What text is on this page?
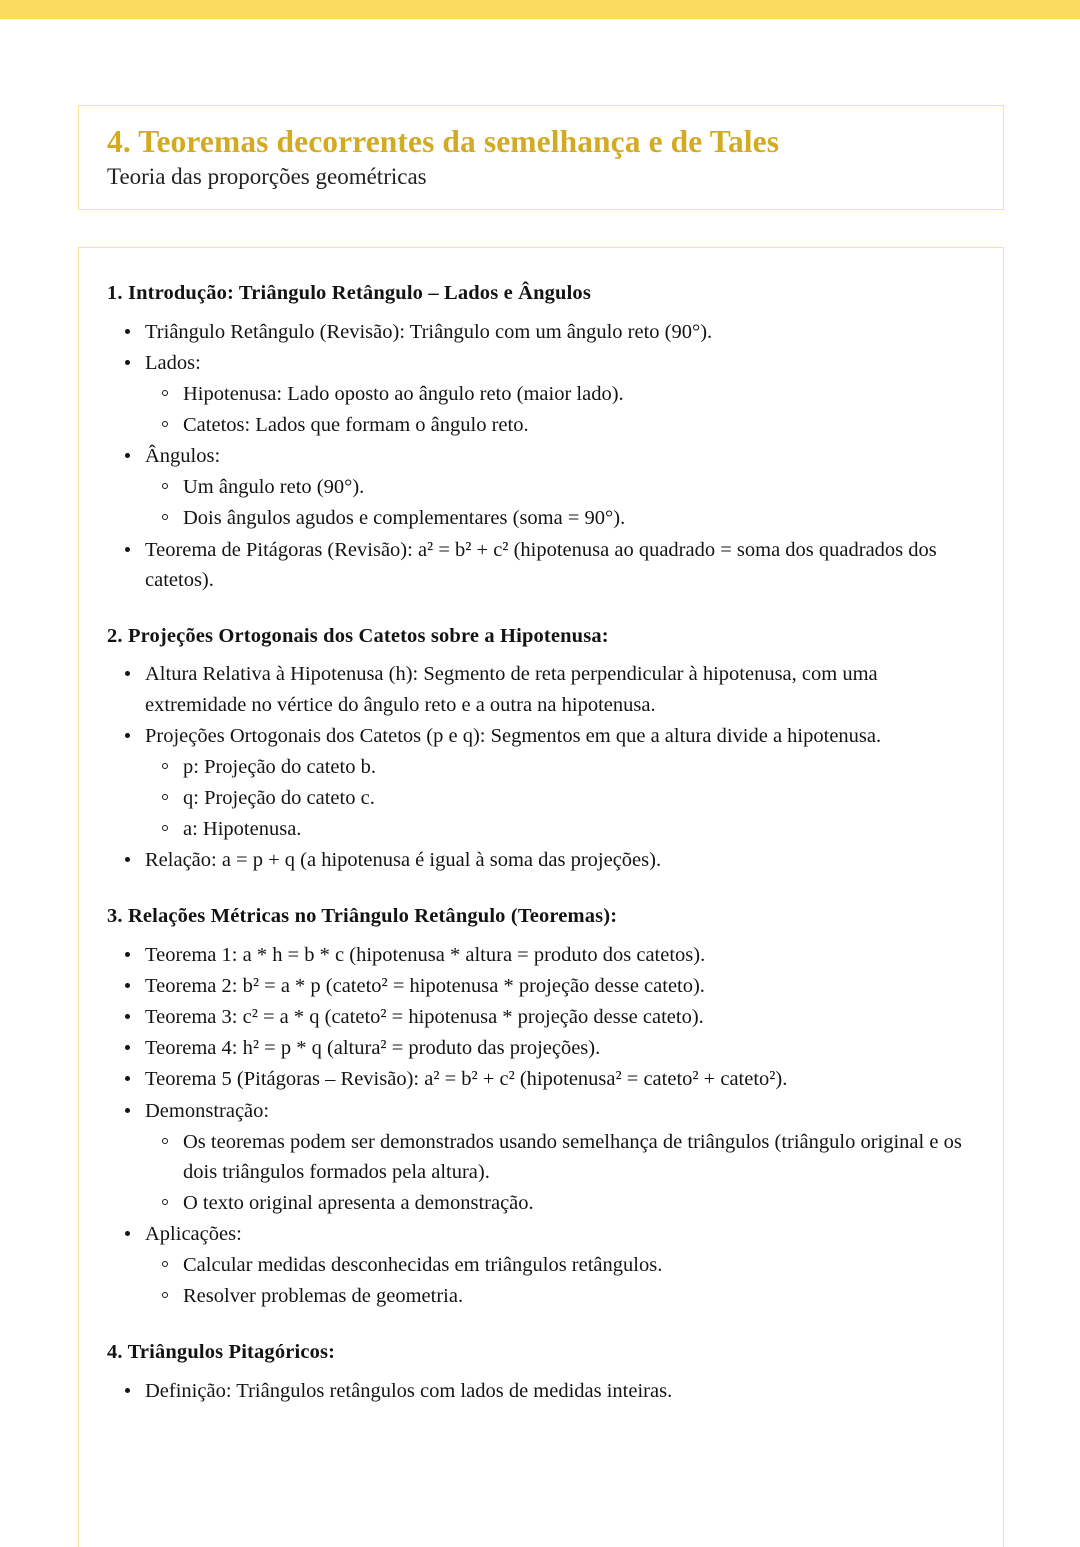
4. Teoremas decorrentes da semelhança e de Tales
Teoria das proporções geométricas
1. Introdução: Triângulo Retângulo – Lados e Ângulos
Triângulo Retângulo (Revisão): Triângulo com um ângulo reto (90°).
Lados:
Hipotenusa: Lado oposto ao ângulo reto (maior lado).
Catetos: Lados que formam o ângulo reto.
Ângulos:
Um ângulo reto (90°).
Dois ângulos agudos e complementares (soma = 90°).
Teorema de Pitágoras (Revisão): a² = b² + c² (hipotenusa ao quadrado = soma dos quadrados dos catetos).
2. Projeções Ortogonais dos Catetos sobre a Hipotenusa:
Altura Relativa à Hipotenusa (h): Segmento de reta perpendicular à hipotenusa, com uma extremidade no vértice do ângulo reto e a outra na hipotenusa.
Projeções Ortogonais dos Catetos (p e q): Segmentos em que a altura divide a hipotenusa.
p: Projeção do cateto b.
q: Projeção do cateto c.
a: Hipotenusa.
Relação: a = p + q (a hipotenusa é igual à soma das projeções).
3. Relações Métricas no Triângulo Retângulo (Teoremas):
Teorema 1: a * h = b * c (hipotenusa * altura = produto dos catetos).
Teorema 2: b² = a * p (cateto² = hipotenusa * projeção desse cateto).
Teorema 3: c² = a * q (cateto² = hipotenusa * projeção desse cateto).
Teorema 4: h² = p * q (altura² = produto das projeções).
Teorema 5 (Pitágoras – Revisão): a² = b² + c² (hipotenusa² = cateto² + cateto²).
Demonstração:
Os teoremas podem ser demonstrados usando semelhança de triângulos (triângulo original e os dois triângulos formados pela altura).
O texto original apresenta a demonstração.
Aplicações:
Calcular medidas desconhecidas em triângulos retângulos.
Resolver problemas de geometria.
4. Triângulos Pitagóricos:
Definição: Triângulos retângulos com lados de medidas inteiras.
